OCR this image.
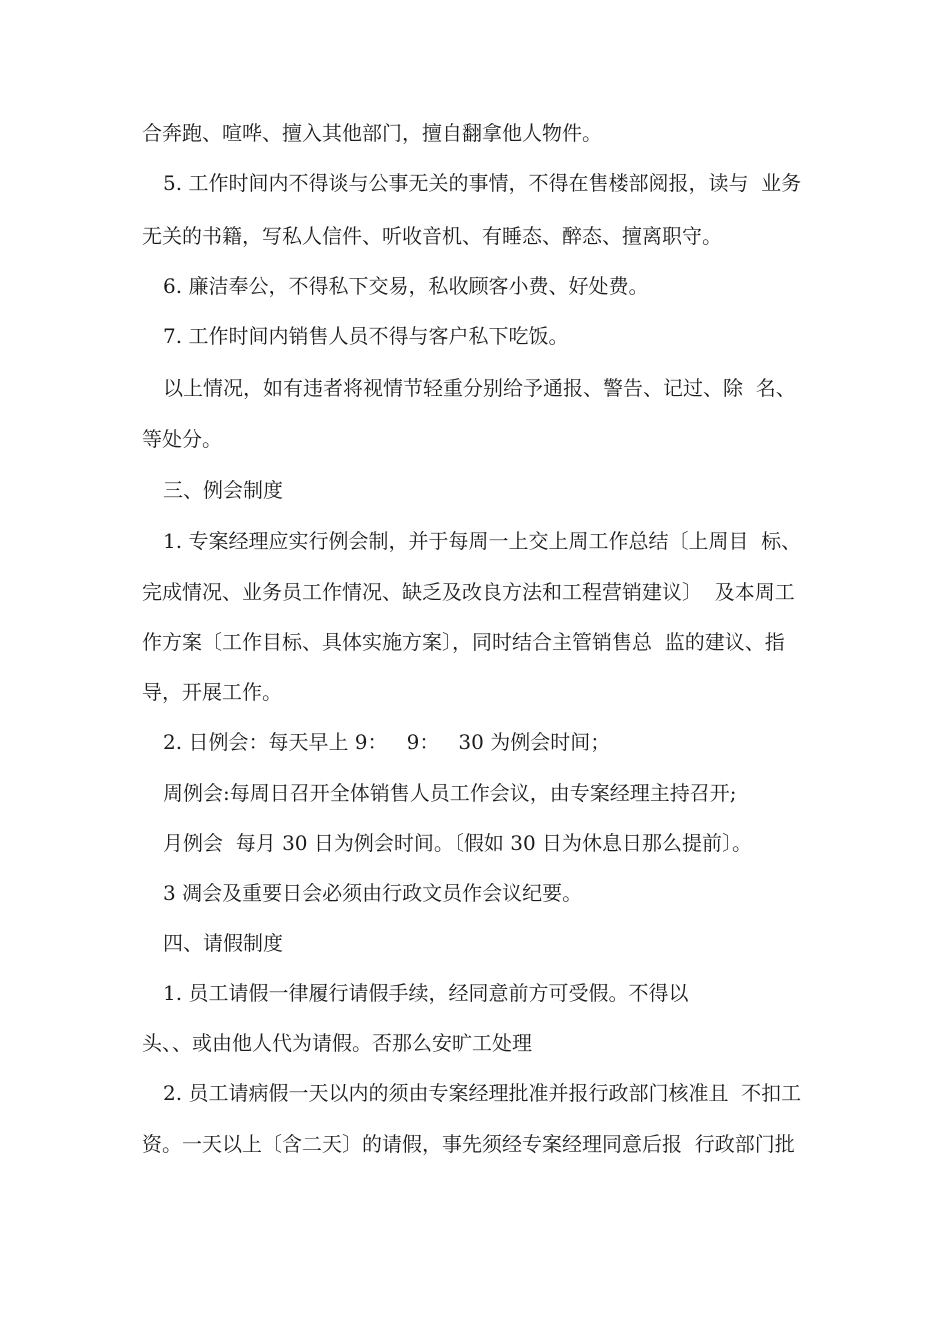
合奔跑、喧哗、擅入其他部门，擅自翻拿他人物件。
5. 工作时间内不得谈与公事无关的事情，不得在售楼部阅报，读与  业务
无关的书籍，写私人信件、听收音机、有睡态、醉态、擅离职守。
6. 廉洁奉公，不得私下交易，私收顾客小费、好处费。
7. 工作时间内销售人员不得与客户私下吃饭。
以上情况，如有违者将视情节轻重分别给予通报、警告、记过、除  名、
等处分。
三、例会制度
1. 专案经理应实行例会制，并于每周一上交上周工作总结〔上周目  标、
完成情况、业务员工作情况、缺乏及改良方法和工程营销建议〕  及本周工
作方案〔工作目标、具体实施方案〕，同时结合主管销售总  监的建议、指
导，开展工作。
2. 日例会：每天早上 9：   9：   30 为例会时间；
周例会:每周日召开全体销售人员工作会议，由专案经理主持召开;
月例会  每月 30 日为例会时间。〔假如 30 日为休息日那么提前〕。
3 凋会及重要日会必须由行政文员作会议纪要。
四、请假制度
1. 员工请假一律履行请假手续，经同意前方可受假。不得以
头、、或由他人代为请假。否那么安旷工处理
2. 员工请病假一天以内的须由专案经理批准并报行政部门核准且  不扣工
资。一天以上〔含二天〕的请假，事先须经专案经理同意后报  行政部门批
